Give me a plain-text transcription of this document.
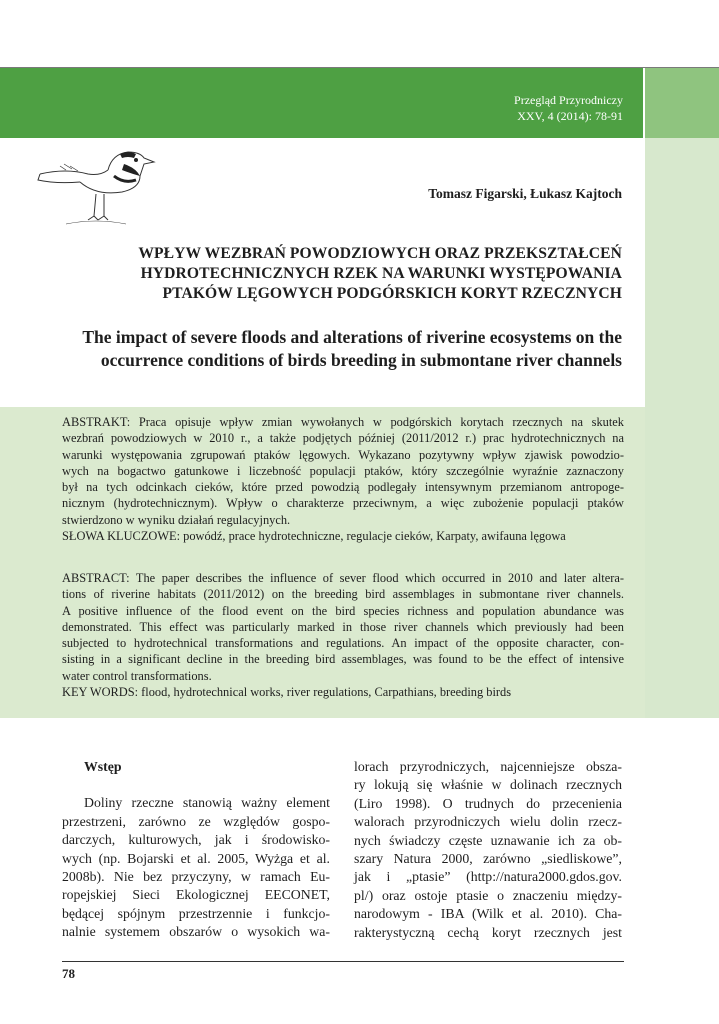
Przegląd Przyrodniczy
XXV, 4 (2014): 78-91
Tomasz Figarski, Łukasz Kajtoch
WPŁYW WEZBRAŃ POWODZIOWYCH ORAZ PRZEKSZTAŁCEŃ
HYDROTECHNICZNYCH RZEK NA WARUNKI WYSTĘPOWANIA
PTAKÓW LĘGOWYCH PODGÓRSKICH KORYT RZECZNYCH
The impact of severe floods and alterations of riverine ecosystems on the
occurrence conditions of birds breeding in submontane river channels
ABSTRAKT: Praca opisuje wpływ zmian wywołanych w podgórskich korytach rzecznych na skutek
wezbrań powodziowych w 2010 r., a także podjętych później (2011/2012 r.) prac hydrotechnicznych na
warunki występowania zgrupowań ptaków lęgowych. Wykazano pozytywny wpływ zjawisk powodzio-
wych na bogactwo gatunkowe i liczebność populacji ptaków, który szczególnie wyraźnie zaznaczony
był na tych odcinkach cieków, które przed powodzią podlegały intensywnym przemianom antropoge-
nicznym (hydrotechnicznym). Wpływ o charakterze przeciwnym, a więc zubożenie populacji ptaków
stwierdzono w wyniku działań regulacyjnych.
SŁOWA KLUCZOWE: powódź, prace hydrotechniczne, regulacje cieków, Karpaty, awifauna lęgowa
ABSTRACT: The paper describes the influence of sever flood which occurred in 2010 and later altera-
tions of riverine habitats (2011/2012) on the breeding bird assemblages in submontane river channels.
A positive influence of the flood event on the bird species richness and population abundance was
demonstrated. This effect was particularly marked in those river channels which previously had been
subjected to hydrotechnical transformations and regulations. An impact of the opposite character, con-
sisting in a significant decline in the breeding bird assemblages, was found to be the effect of intensive
water control transformations.
KEY WORDS: flood, hydrotechnical works, river regulations, Carpathians, breeding birds
Wstęp
Doliny rzeczne stanowią ważny element
przestrzeni, zarówno ze względów gospo-
darczych, kulturowych, jak i środowisko-
wych (np. Bojarski et al. 2005, Wyżga et al.
2008b). Nie bez przyczyny, w ramach Eu-
ropejskiej Sieci Ekologicznej EECONET,
będącej spójnym przestrzennie i funkcjo-
nalnie systemem obszarów o wysokich wa-
lorach przyrodniczych, najcenniejsze obsza-
ry lokują się właśnie w dolinach rzecznych
(Liro 1998). O trudnych do przecenienia
walorach przyrodniczych wielu dolin rzecz-
nych świadczy częste uznawanie ich za ob-
szary Natura 2000, zarówno „siedliskowe”,
jak i „ptasie” (http://natura2000.gdos.gov.
pl/) oraz ostoje ptasie o znaczeniu między-
narodowym - IBA (Wilk et al. 2010). Cha-
rakterystyczną cechą koryt rzecznych jest
78
